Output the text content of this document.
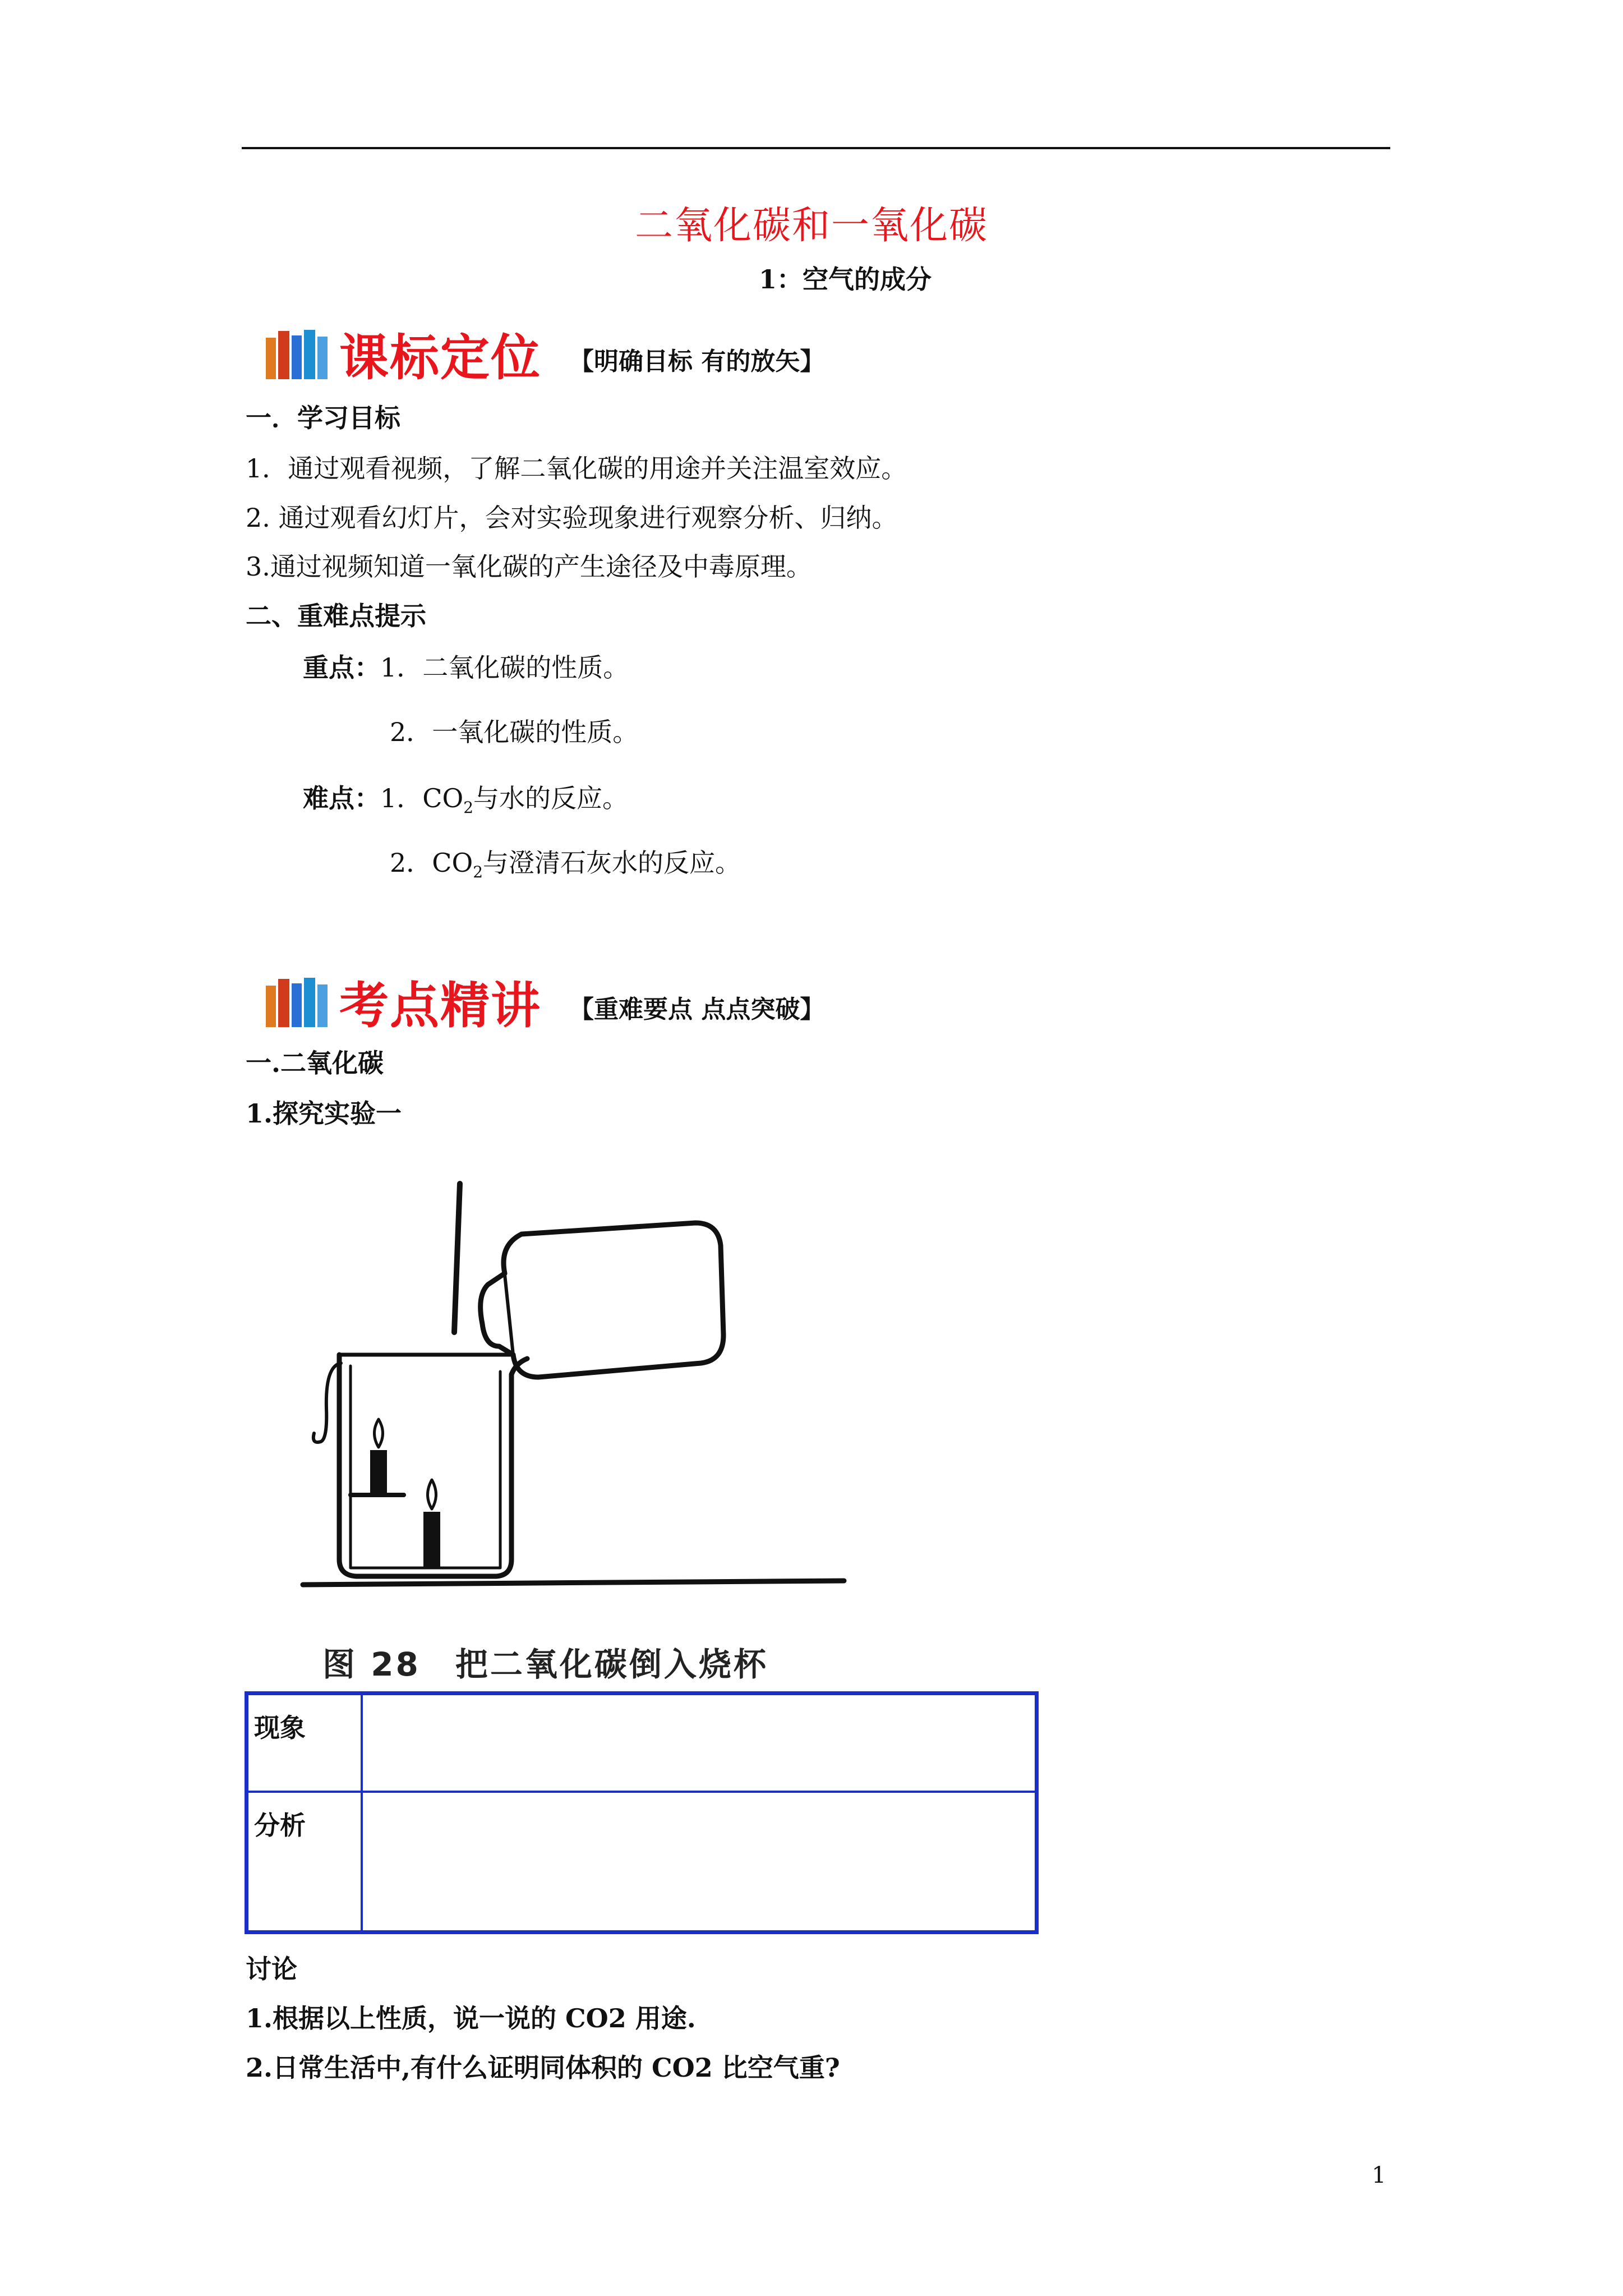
二氧化碳和一氧化碳
1：空气的成分
课标定位 【明确目标 有的放矢】
一．学习目标
1．通过观看视频，了解二氧化碳的用途并关注温室效应。
2. 通过观看幻灯片，会对实验现象进行观察分析、归纳。
3.通过视频知道一氧化碳的产生途径及中毒原理。
二、重难点提示
重点：1．二氧化碳的性质。
2．一氧化碳的性质。
难点：1．$CO_2$与水的反应。
2．$CO_2$与澄清石灰水的反应。
考点精讲 【重难要点 点点突破】
一.二氧化碳
1.探究实验一
图 28　把二氧化碳倒入烧杯
现象	
分析	
讨论
1.根据以上性质，说一说的 CO2 用途.
2.日常生活中,有什么证明同体积的 CO2 比空气重?
1
